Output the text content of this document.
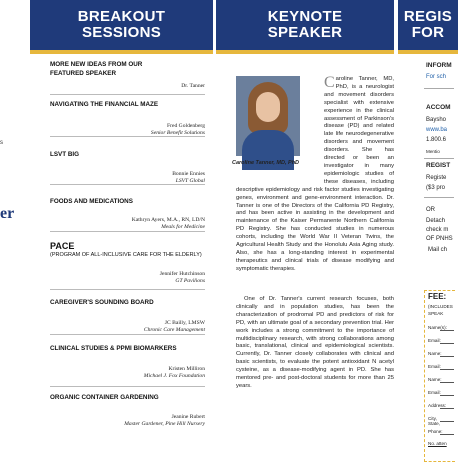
s
er
BREAKOUT
SESSIONS
MORE NEW IDEAS FROM OUR FEATURED SPEAKER
Dr. Tanner
NAVIGATING THE FINANCIAL MAZE
Fred Goldenberg
Senior Benefit Solutions
LSVT BIG
Bonnie Ennies
LSVT Global
FOODS AND MEDICATIONS
Kathryn Ayers, M.A., RN, LD/N
Meals for Medicine
PACE
(PROGRAM OF ALL-INCLUSIVE CARE FOR THE ELDERLY)
Jennifer Hutchinson
GT Pavilions
CAREGIVER'S SOUNDING BOARD
JC Bailly, LMSW
Chronic Care Management
CLINICAL STUDIES & PPMI BIOMARKERS
Kristen Milliron
Michael J. Fox Foundation
ORGANIC CONTAINER GARDENING
Jeanine Rubert
Master Gardener, Pine Hill Nursery
KEYNOTE
SPEAKER
Caroline Tanner, MD, PhD
C aroline Tanner, MD, PhD, is a neurologist and movement disorders specialist with extensive experience in the clinical assessment of Parkinson's disease (PD) and related late life neurodegenerative disorders and movement disorders. She has directed or been an investigator in many epidemiologic studies of these diseases, including descriptive epidemiology and risk factor studies investigating genes, environment and gene-environment interaction. Dr. Tanner is one of the Directors of the California PD Registry, and has been active in assisting in the development and maintenance of the Kaiser Permanente Northern California PD Registry. She has conducted studies in numerous cohorts, including the World War II Veteran Twins, the Agricultural Health Study and the Honolulu Asia Aging study. Also, she has a long-standing interest in experimental therapeutics and clinical trials of disease modifying and symptomatic therapies.
One of Dr. Tanner's current research focuses, both clinically and in population studies, has been the characterization of prodromal PD and predictors of risk for PD, with an ultimate goal of a secondary prevention trial. Her work includes a strong commitment to the importance of multidisciplinary research, with strong collaborations among basic, translational, clinical and epidemiological scientists. Currently, Dr. Tanner closely collaborates with clinical and basic scientists, to evaluate the potent antioxidant N acetyl cysteine, as a disease-modifying agent in PD. She has mentored pre- and post-doctoral students for more than 25 years.
REGIS
FOR
INFORM
For sch
ACCOM
Baysho
www.ba
1.800.6
Mentio
REGIST
Registe
($3 pro
OR
Detach
check m
OF PNHS
Mail ch
FEE:
(INCLUDES
SPEAK
Name(s):
Email:
Name:
Email:
Name:
Email:
Address:
City, State,
Phone:
No. atten
